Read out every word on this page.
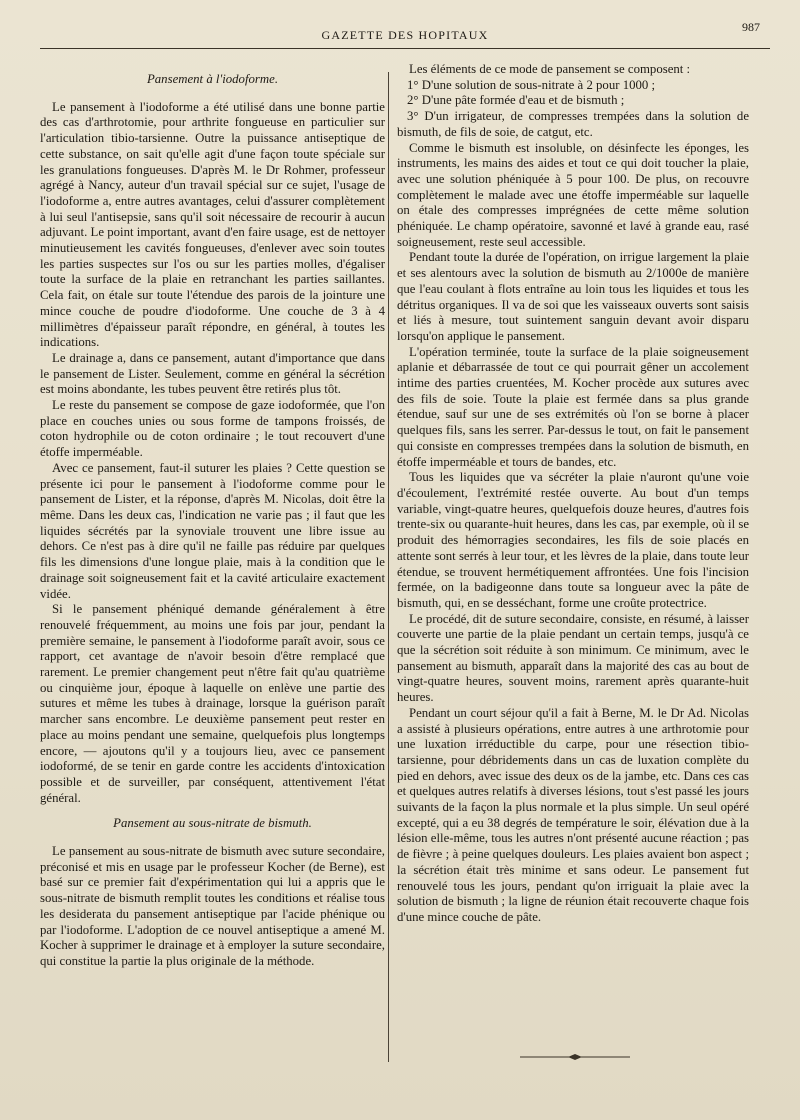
GAZETTE DES HOPITAUX
987
Pansement à l'iodoforme.

Le pansement à l'iodoforme a été utilisé dans une bonne partie des cas d'arthrotomie, pour arthrite fongueuse en particulier sur l'articulation tibio-tarsienne. Outre la puissance antiseptique de cette substance, on sait qu'elle agit d'une façon toute spéciale sur les granulations fongueuses. D'après M. le Dr Rohmer, professeur agrégé à Nancy, auteur d'un travail spécial sur ce sujet, l'usage de l'iodoforme a, entre autres avantages, celui d'assurer complètement à lui seul l'antisepsie, sans qu'il soit nécessaire de recourir à aucun adjuvant. Le point important, avant d'en faire usage, est de nettoyer minutieusement les cavités fongueuses, d'enlever avec soin toutes les parties suspectes sur l'os ou sur les parties molles, d'égaliser toute la surface de la plaie en retranchant les parties saillantes. Cela fait, on étale sur toute l'étendue des parois de la jointure une mince couche de poudre d'iodoforme. Une couche de 3 à 4 millimètres d'épaisseur paraît répondre, en général, à toutes les indications.

Le drainage a, dans ce pansement, autant d'importance que dans le pansement de Lister. Seulement, comme en général la sécrétion est moins abondante, les tubes peuvent être retirés plus tôt.

Le reste du pansement se compose de gaze iodoformée, que l'on place en couches unies ou sous forme de tampons froissés, de coton hydrophile ou de coton ordinaire ; le tout recouvert d'une étoffe imperméable.

Avec ce pansement, faut-il suturer les plaies ? Cette question se présente ici pour le pansement à l'iodoforme comme pour le pansement de Lister, et la réponse, d'après M. Nicolas, doit être la même. Dans les deux cas, l'indication ne varie pas ; il faut que les liquides sécrétés par la synoviale trouvent une libre issue au dehors. Ce n'est pas à dire qu'il ne faille pas réduire par quelques fils les dimensions d'une longue plaie, mais à la condition que le drainage soit soigneusement fait et la cavité articulaire exactement vidée.

Si le pansement phéniqué demande généralement à être renouvelé fréquemment, au moins une fois par jour, pendant la première semaine, le pansement à l'iodoforme paraît avoir, sous ce rapport, cet avantage de n'avoir besoin d'être remplacé que rarement. Le premier changement peut n'être fait qu'au quatrième ou cinquième jour, époque à laquelle on enlève une partie des sutures et même les tubes à drainage, lorsque la guérison paraît marcher sans encombre. Le deuxième pansement peut rester en place au moins pendant une semaine, quelquefois plus longtemps encore, — ajoutons qu'il y a toujours lieu, avec ce pansement iodoformé, de se tenir en garde contre les accidents d'intoxication possible et de surveiller, par conséquent, attentivement l'état général.

Pansement au sous-nitrate de bismuth.

Le pansement au sous-nitrate de bismuth avec suture secondaire, préconisé et mis en usage par le professeur Kocher (de Berne), est basé sur ce premier fait d'expérimentation qui lui a appris que le sous-nitrate de bismuth remplit toutes les conditions et réalise tous les desiderata du pansement antiseptique par l'acide phénique ou par l'iodoforme. L'adoption de ce nouvel antiseptique a amené M. Kocher à supprimer le drainage et à employer la suture secondaire, qui constitue la partie la plus originale de la méthode.

Les éléments de ce mode de pansement se composent :

1° D'une solution de sous-nitrate à 2 pour 1000 ;

2° D'une pâte formée d'eau et de bismuth ;

3° D'un irrigateur, de compresses trempées dans la solution de bismuth, de fils de soie, de catgut, etc.

Comme le bismuth est insoluble, on désinfecte les éponges, les instruments, les mains des aides et tout ce qui doit toucher la plaie, avec une solution phéniquée à 5 pour 100. De plus, on recouvre complètement le malade avec une étoffe imperméable sur laquelle on étale des compresses imprégnées de cette même solution phéniquée. Le champ opératoire, savonné et lavé à grande eau, rasé soigneusement, reste seul accessible.

Pendant toute la durée de l'opération, on irrigue largement la plaie et ses alentours avec la solution de bismuth au 2/1000e de manière que l'eau coulant à flots entraîne au loin tous les liquides et tous les détritus organiques. Il va de soi que les vaisseaux ouverts sont saisis et liés à mesure, tout suintement sanguin devant avoir disparu lorsqu'on applique le pansement.

L'opération terminée, toute la surface de la plaie soigneusement aplanie et débarrassée de tout ce qui pourrait gêner un accolement intime des parties cruentées, M. Kocher procède aux sutures avec des fils de soie. Toute la plaie est fermée dans sa plus grande étendue, sauf sur une de ses extrémités où l'on se borne à placer quelques fils, sans les serrer. Par-dessus le tout, on fait le pansement qui consiste en compresses trempées dans la solution de bismuth, en étoffe imperméable et tours de bandes, etc.

Tous les liquides que va sécréter la plaie n'auront qu'une voie d'écoulement, l'extrémité restée ouverte. Au bout d'un temps variable, vingt-quatre heures, quelquefois douze heures, d'autres fois trente-six ou quarante-huit heures, dans les cas, par exemple, où il se produit des hémorragies secondaires, les fils de soie placés en attente sont serrés à leur tour, et les lèvres de la plaie, dans toute leur étendue, se trouvent hermétiquement affrontées. Une fois l'incision fermée, on la badigeonne dans toute sa longueur avec la pâte de bismuth, qui, en se desséchant, forme une croûte protectrice.

Le procédé, dit de suture secondaire, consiste, en résumé, à laisser couverte une partie de la plaie pendant un certain temps, jusqu'à ce que la sécrétion soit réduite à son minimum. Ce minimum, avec le pansement au bismuth, apparaît dans la majorité des cas au bout de vingt-quatre heures, souvent moins, rarement après quarante-huit heures.

Pendant un court séjour qu'il a fait à Berne, M. le Dr Ad. Nicolas a assisté à plusieurs opérations, entre autres à une arthrotomie pour une luxation irréductible du carpe, pour une résection tibio-tarsienne, pour débridements dans un cas de luxation complète du pied en dehors, avec issue des deux os de la jambe, etc. Dans ces cas et quelques autres relatifs à diverses lésions, tout s'est passé les jours suivants de la façon la plus normale et la plus simple. Un seul opéré excepté, qui a eu 38 degrés de température le soir, élévation due à la lésion elle-même, tous les autres n'ont présenté aucune réaction ; pas de fièvre ; à peine quelques douleurs. Les plaies avaient bon aspect ; la sécrétion était très minime et sans odeur. Le pansement fut renouvelé tous les jours, pendant qu'on irriguait la plaie avec la solution de bismuth ; la ligne de réunion était recouverte chaque fois d'une mince couche de pâte.
